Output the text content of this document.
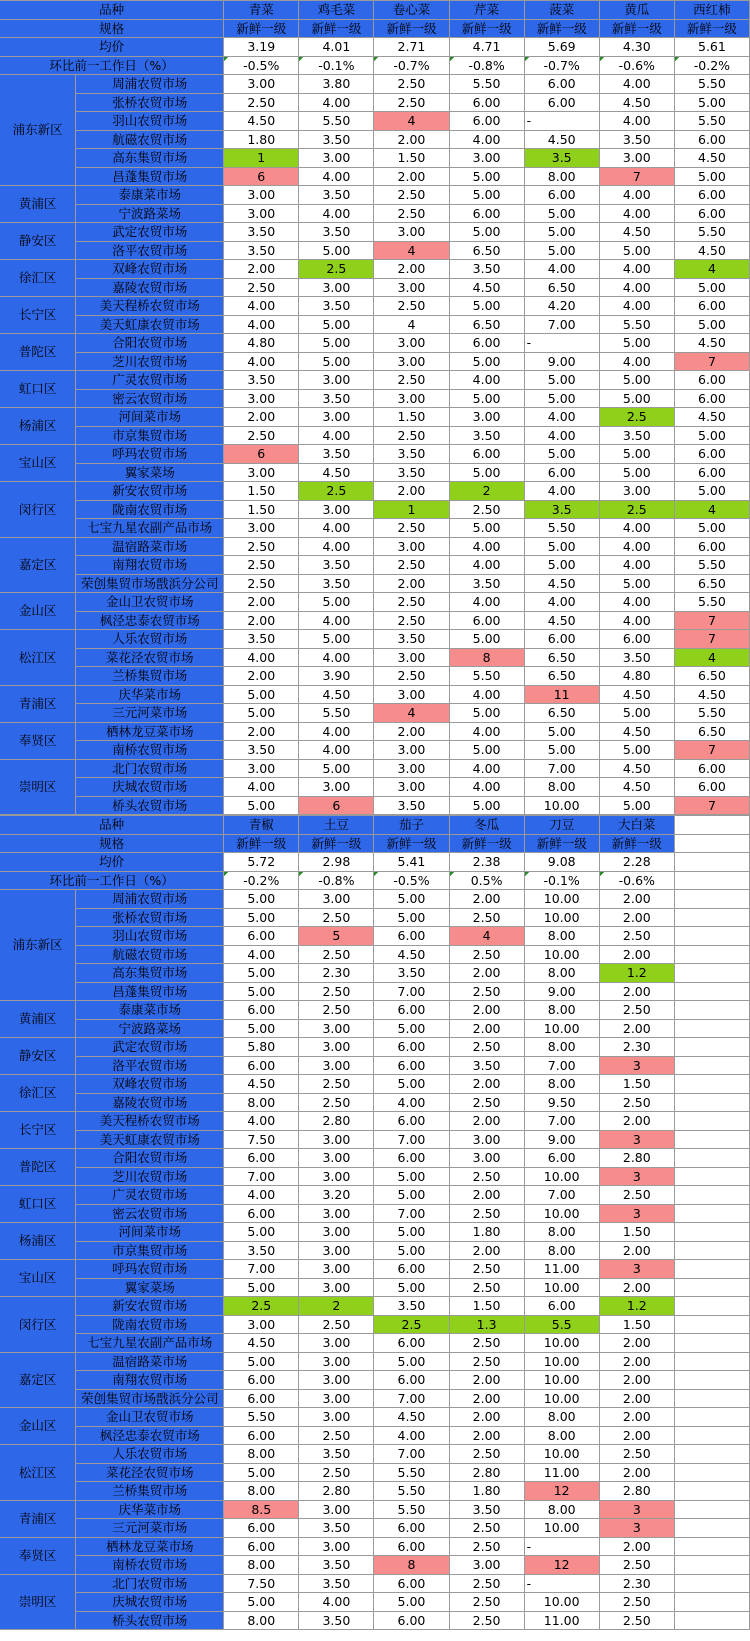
品种		青菜	鸡毛菜	卷心菜	芹菜	菠菜	黄瓜	西红柿
规格		新鲜一级	新鲜一级	新鲜一级	新鲜一级	新鲜一级	新鲜一级	新鲜一级
均价		3.19	4.01	2.71	4.71	5.69	4.30	5.61
环比前一工作日（%）		-0.5%	-0.1%	-0.7%	-0.8%	-0.7%	-0.6%	-0.2%
浦东新区	周浦农贸市场	3.00	3.80	2.50	5.50	6.00	4.00	5.50
	张桥农贸市场	2.50	4.00	2.50	6.00	6.00	4.50	5.00
	羽山农贸市场	4.50	5.50	4	6.00	-	4.00	5.50
	航磁农贸市场	1.80	3.50	2.00	4.00	4.50	3.50	6.00
	高东集贸市场	1	3.00	1.50	3.00	3.5	3.00	4.50
	昌蓬集贸市场	6	4.00	2.00	5.00	8.00	7	5.00
黄浦区	泰康菜市场	3.00	3.50	2.50	5.00	6.00	4.00	6.00
	宁波路菜场	3.00	4.00	2.50	6.00	5.00	4.00	6.00
静安区	武定农贸市场	3.50	3.50	3.00	5.00	5.00	4.50	5.50
	洛平农贸市场	3.50	5.00	4	6.50	5.00	5.00	4.50
徐汇区	双峰农贸市场	2.00	2.5	2.00	3.50	4.00	4.00	4
	嘉陵农贸市场	2.50	3.00	3.00	4.50	6.50	4.00	5.00
长宁区	美天程桥农贸市场	4.00	3.50	2.50	5.00	4.20	4.00	6.00
	美天虹康农贸市场	4.00	5.00	4	6.50	7.00	5.50	5.00
普陀区	合阳农贸市场	4.80	5.00	3.00	6.00	-	5.00	4.50
	芝川农贸市场	4.00	5.00	3.00	5.00	9.00	4.00	7
虹口区	广灵农贸市场	3.50	3.00	2.50	4.00	5.00	5.00	6.00
	密云农贸市场	3.00	3.50	3.00	5.00	5.00	5.00	6.00
杨浦区	河间菜市场	2.00	3.00	1.50	3.00	4.00	2.5	4.50
	市京集贸市场	2.50	4.00	2.50	3.50	4.00	3.50	5.00
宝山区	呼玛农贸市场	6	3.50	3.50	6.00	5.00	5.00	6.00
	翼家菜场	3.00	4.50	3.50	5.00	6.00	5.00	6.00
闵行区	新安农贸市场	1.50	2.5	2.00	2	4.00	3.00	5.00
	陇南农贸市场	1.50	3.00	1	2.50	3.5	2.5	4
	七宝九星农副产品市场	3.00	4.00	2.50	5.00	5.50	4.00	5.00
嘉定区	温宿路菜市场	2.50	4.00	3.00	4.00	5.00	4.00	6.00
	南翔农贸市场	2.50	3.50	2.50	4.00	5.00	4.00	5.50
	荣创集贸市场戬浜分公司	2.50	3.50	2.00	3.50	4.50	5.00	6.50
金山区	金山卫农贸市场	2.00	5.00	2.50	4.00	4.00	4.00	5.50
	枫泾忠泰农贸市场	2.00	4.00	2.50	6.00	4.50	4.00	7
松江区	人乐农贸市场	3.50	5.00	3.50	5.00	6.00	6.00	7
	菜花泾农贸市场	4.00	4.00	3.00	8	6.50	3.50	4
	兰桥集贸市场	2.00	3.90	2.50	5.50	6.50	4.80	6.50
青浦区	庆华菜市场	5.00	4.50	3.00	4.00	11	4.50	4.50
	三元河菜市场	5.00	5.50	4	5.00	6.50	5.00	5.50
奉贤区	栖林龙豆菜市场	2.00	4.00	2.00	4.00	5.00	4.50	6.50
	南桥农贸市场	3.50	4.00	3.00	5.00	5.00	5.00	7
崇明区	北门农贸市场	3.00	5.00	3.00	4.00	7.00	4.50	6.00
	庆城农贸市场	4.00	3.00	3.00	4.00	8.00	4.50	6.00
	桥头农贸市场	5.00	6	3.50	5.00	10.00	5.00	7
品种		青椒	土豆	茄子	冬瓜	刀豆	大白菜	
规格		新鲜一级	新鲜一级	新鲜一级	新鲜一级	新鲜一级	新鲜一级	
均价		5.72	2.98	5.41	2.38	9.08	2.28	
环比前一工作日（%）		-0.2%	-0.8%	-0.5%	0.5%	-0.1%	-0.6%	
浦东新区	周浦农贸市场	5.00	3.00	5.00	2.00	10.00	2.00	
	张桥农贸市场	5.00	2.50	5.00	2.50	10.00	2.00	
	羽山农贸市场	6.00	5	6.00	4	8.00	2.50	
	航磁农贸市场	4.00	2.50	4.50	2.50	10.00	2.00	
	高东集贸市场	5.00	2.30	3.50	2.00	8.00	1.2	
	昌蓬集贸市场	5.00	2.50	7.00	2.50	9.00	2.00	
黄浦区	泰康菜市场	6.00	2.50	6.00	2.00	8.00	2.50	
	宁波路菜场	5.00	3.00	5.00	2.00	10.00	2.00	
静安区	武定农贸市场	5.80	3.00	6.00	2.50	8.00	2.30	
	洛平农贸市场	6.00	3.00	6.00	3.50	7.00	3	
徐汇区	双峰农贸市场	4.50	2.50	5.00	2.00	8.00	1.50	
	嘉陵农贸市场	8.00	2.50	4.00	2.50	9.50	2.50	
长宁区	美天程桥农贸市场	4.00	2.80	6.00	2.00	7.00	2.00	
	美天虹康农贸市场	7.50	3.00	7.00	3.00	9.00	3	
普陀区	合阳农贸市场	6.00	3.00	6.00	3.00	6.00	2.80	
	芝川农贸市场	7.00	3.00	5.00	2.50	10.00	3	
虹口区	广灵农贸市场	4.00	3.20	5.00	2.00	7.00	2.50	
	密云农贸市场	6.00	3.00	7.00	2.50	10.00	3	
杨浦区	河间菜市场	5.00	3.00	5.00	1.80	8.00	1.50	
	市京集贸市场	3.50	3.00	5.00	2.00	8.00	2.00	
宝山区	呼玛农贸市场	7.00	3.00	6.00	2.50	11.00	3	
	翼家菜场	5.00	3.00	5.00	2.50	10.00	2.00	
闵行区	新安农贸市场	2.5	2	3.50	1.50	6.00	1.2	
	陇南农贸市场	3.00	2.50	2.5	1.3	5.5	1.50	
	七宝九星农副产品市场	4.50	3.00	6.00	2.50	10.00	2.00	
嘉定区	温宿路菜市场	5.00	3.00	5.00	2.50	10.00	2.00	
	南翔农贸市场	6.00	3.00	6.00	2.00	10.00	2.00	
	荣创集贸市场戬浜分公司	6.00	3.00	7.00	2.00	10.00	2.00	
金山区	金山卫农贸市场	5.50	3.00	4.50	2.00	8.00	2.00	
	枫泾忠泰农贸市场	6.00	2.50	4.00	2.00	8.00	2.00	
松江区	人乐农贸市场	8.00	3.50	7.00	2.50	10.00	2.50	
	菜花泾农贸市场	5.00	2.50	5.50	2.80	11.00	2.00	
	兰桥集贸市场	8.00	2.80	5.50	1.80	12	2.80	
青浦区	庆华菜市场	8.5	3.00	5.50	3.50	8.00	3	
	三元河菜市场	6.00	3.50	6.00	2.50	10.00	3	
奉贤区	栖林龙豆菜市场	6.00	3.00	6.00	2.50	-	2.00	
	南桥农贸市场	8.00	3.50	8	3.00	12	2.50	
崇明区	北门农贸市场	7.50	3.50	6.00	2.50	-	2.30	
	庆城农贸市场	5.00	4.00	5.00	2.50	10.00	2.50	
	桥头农贸市场	8.00	3.50	6.00	2.50	11.00	2.50	
